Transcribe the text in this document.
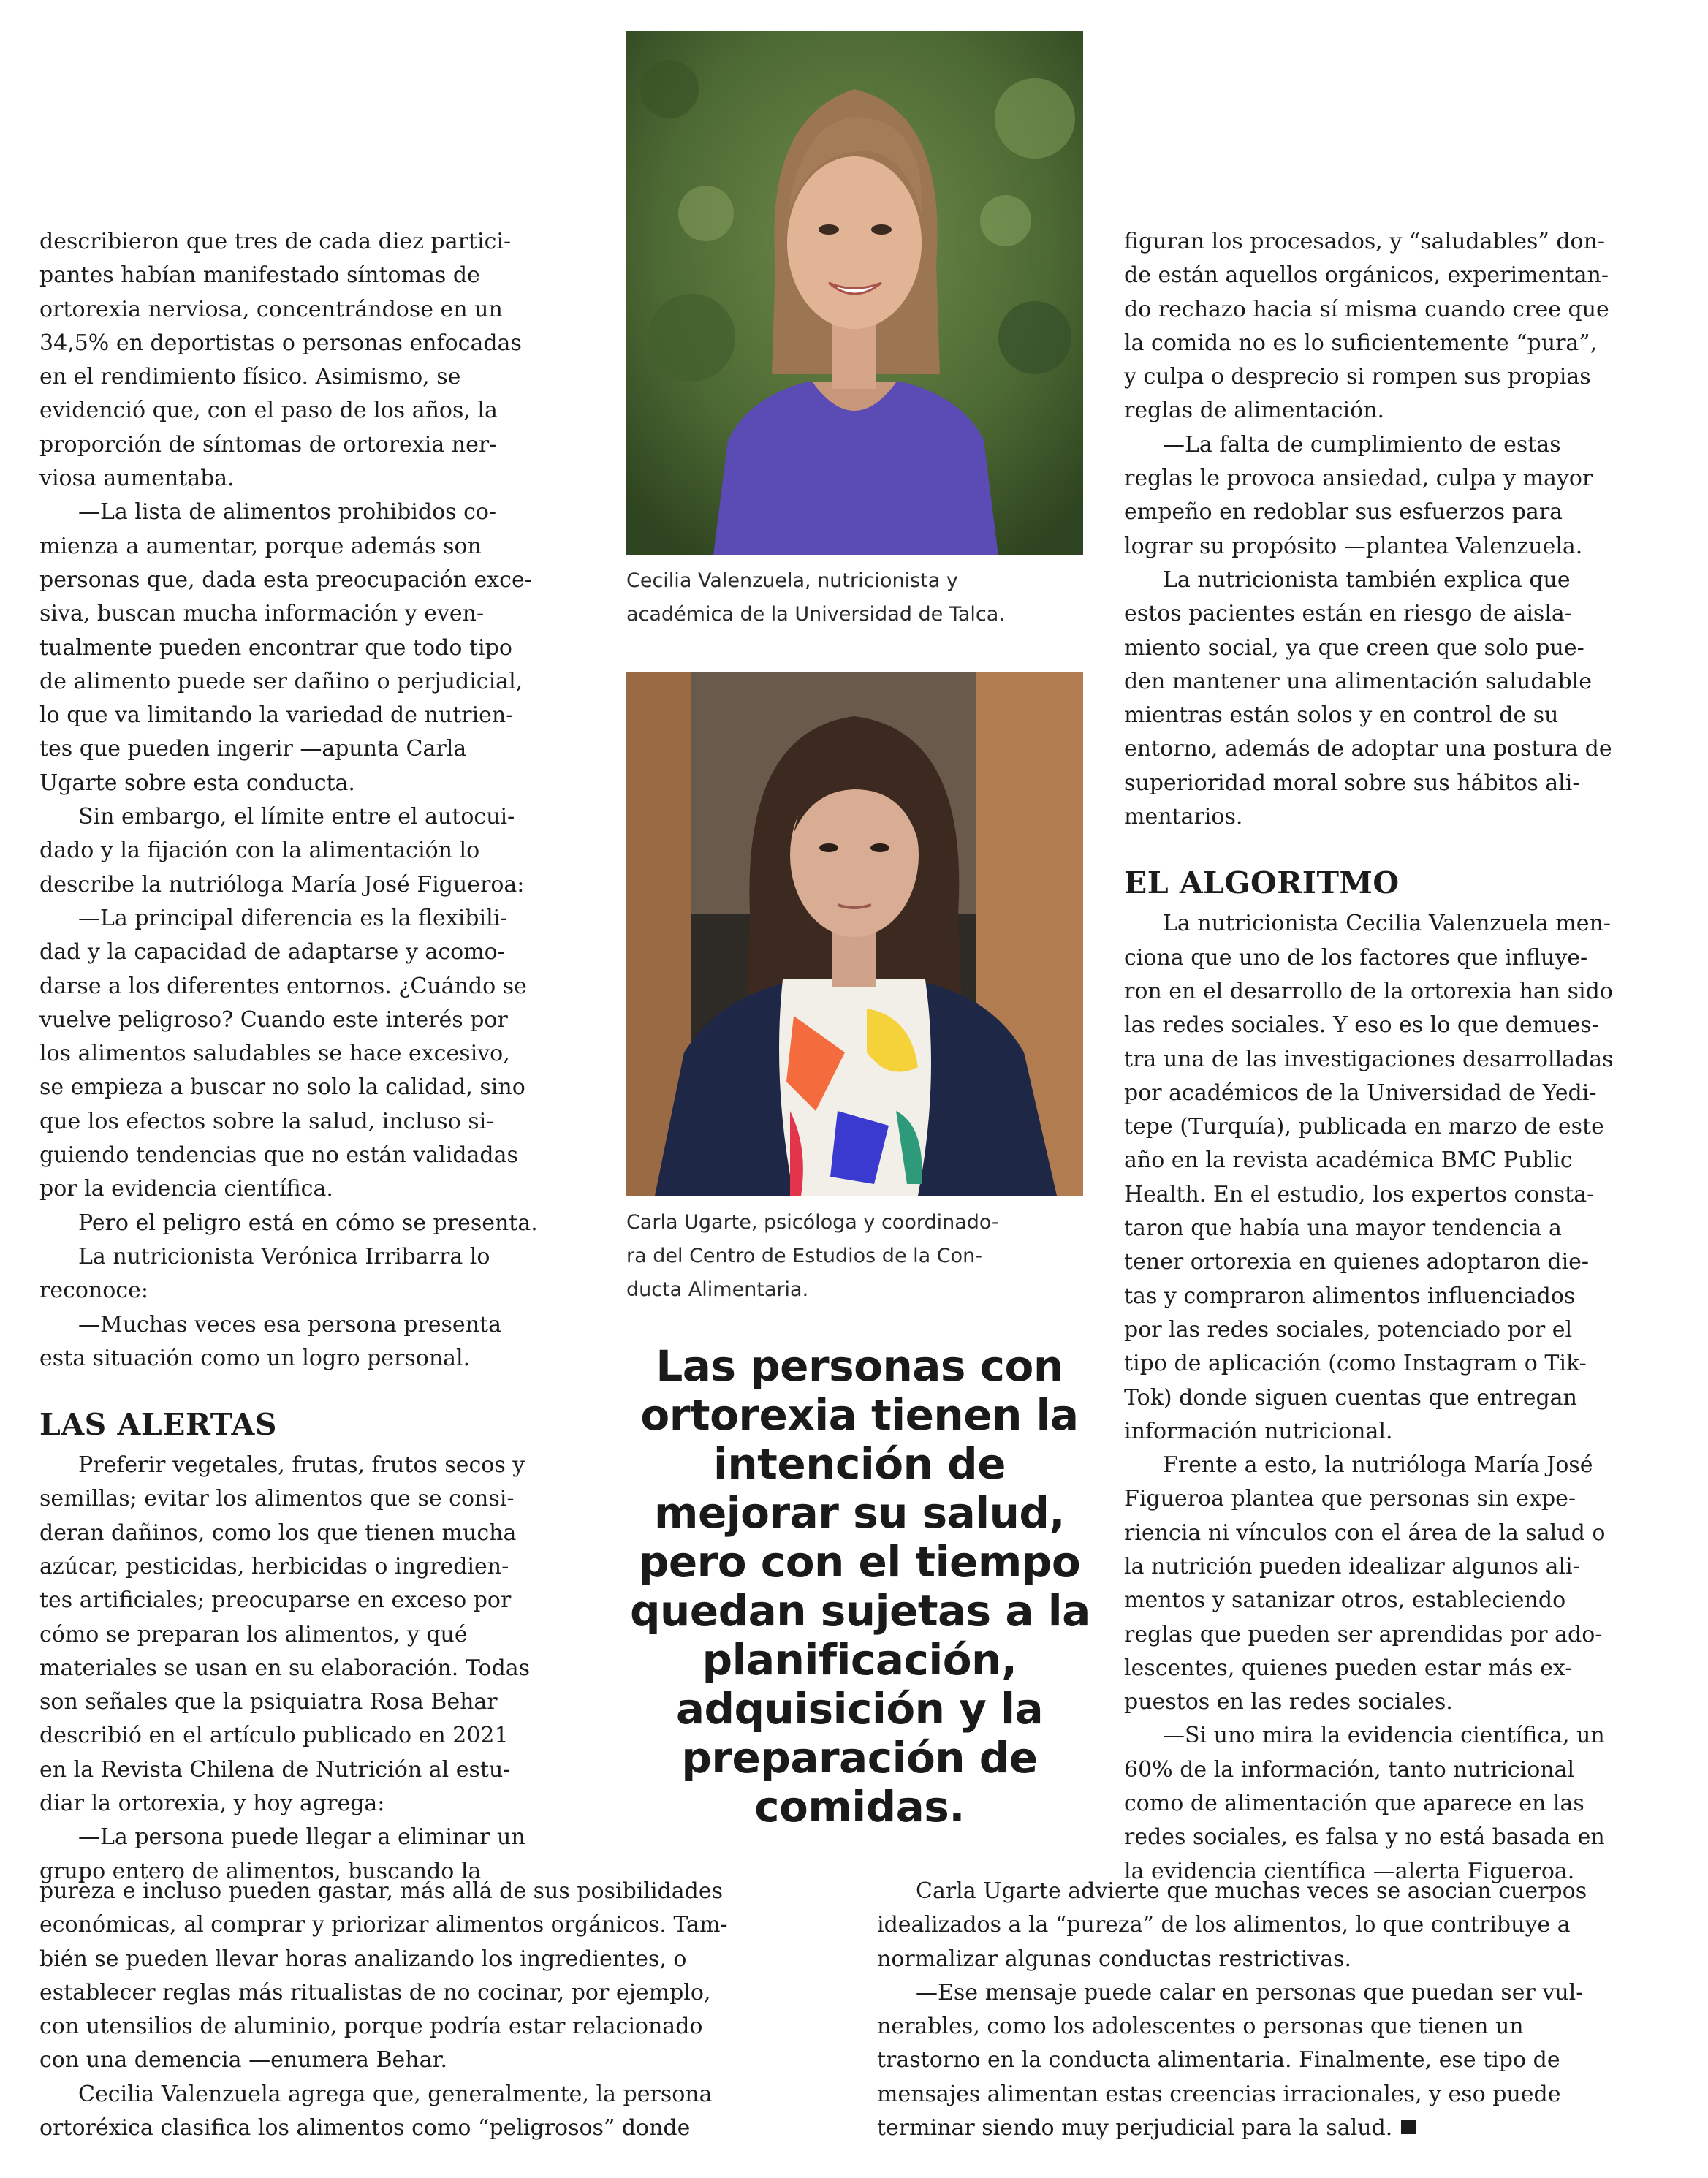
describieron que tres de cada diez partici-
pantes habían manifestado síntomas de
ortorexia nerviosa, concentrándose en un
34,5% en deportistas o personas enfocadas
en el rendimiento físico. Asimismo, se
evidenció que, con el paso de los años, la
proporción de síntomas de ortorexia ner-
viosa aumentaba.
—La lista de alimentos prohibidos co-
mienza a aumentar, porque además son
personas que, dada esta preocupación exce-
siva, buscan mucha información y even-
tualmente pueden encontrar que todo tipo
de alimento puede ser dañino o perjudicial,
lo que va limitando la variedad de nutrien-
tes que pueden ingerir —apunta Carla
Ugarte sobre esta conducta.
Sin embargo, el límite entre el autocui-
dado y la fijación con la alimentación lo
describe la nutrióloga María José Figueroa:
—La principal diferencia es la flexibili-
dad y la capacidad de adaptarse y acomo-
darse a los diferentes entornos. ¿Cuándo se
vuelve peligroso? Cuando este interés por
los alimentos saludables se hace excesivo,
se empieza a buscar no solo la calidad, sino
que los efectos sobre la salud, incluso si-
guiendo tendencias que no están validadas
por la evidencia científica.
Pero el peligro está en cómo se presenta.
La nutricionista Verónica Irribarra lo
reconoce:
—Muchas veces esa persona presenta
esta situación como un logro personal.
LAS ALERTAS
Preferir vegetales, frutas, frutos secos y
semillas; evitar los alimentos que se consi-
deran dañinos, como los que tienen mucha
azúcar, pesticidas, herbicidas o ingredien-
tes artificiales; preocuparse en exceso por
cómo se preparan los alimentos, y qué
materiales se usan en su elaboración. Todas
son señales que la psiquiatra Rosa Behar
describió en el artículo publicado en 2021
en la Revista Chilena de Nutrición al estu-
diar la ortorexia, y hoy agrega:
—La persona puede llegar a eliminar un
grupo entero de alimentos, buscando la
pureza e incluso pueden gastar, más allá de sus posibilidades
económicas, al comprar y priorizar alimentos orgánicos. Tam-
bién se pueden llevar horas analizando los ingredientes, o
establecer reglas más ritualistas de no cocinar, por ejemplo,
con utensilios de aluminio, porque podría estar relacionado
con una demencia —enumera Behar.
Cecilia Valenzuela agrega que, generalmente, la persona
ortoréxica clasifica los alimentos como “peligrosos” donde
Cecilia Valenzuela, nutricionista y
académica de la Universidad de Talca.
Carla Ugarte, psicóloga y coordinado-
ra del Centro de Estudios de la Con-
ducta Alimentaria.
Las personas con
ortorexia tienen la
intención de
mejorar su salud,
pero con el tiempo
quedan sujetas a la
planificación,
adquisición y la
preparación de
comidas.
figuran los procesados, y “saludables” don-
de están aquellos orgánicos, experimentan-
do rechazo hacia sí misma cuando cree que
la comida no es lo suficientemente “pura”,
y culpa o desprecio si rompen sus propias
reglas de alimentación.
—La falta de cumplimiento de estas
reglas le provoca ansiedad, culpa y mayor
empeño en redoblar sus esfuerzos para
lograr su propósito —plantea Valenzuela.
La nutricionista también explica que
estos pacientes están en riesgo de aisla-
miento social, ya que creen que solo pue-
den mantener una alimentación saludable
mientras están solos y en control de su
entorno, además de adoptar una postura de
superioridad moral sobre sus hábitos ali-
mentarios.
EL ALGORITMO
La nutricionista Cecilia Valenzuela men-
ciona que uno de los factores que influye-
ron en el desarrollo de la ortorexia han sido
las redes sociales. Y eso es lo que demues-
tra una de las investigaciones desarrolladas
por académicos de la Universidad de Yedi-
tepe (Turquía), publicada en marzo de este
año en la revista académica BMC Public
Health. En el estudio, los expertos consta-
taron que había una mayor tendencia a
tener ortorexia en quienes adoptaron die-
tas y compraron alimentos influenciados
por las redes sociales, potenciado por el
tipo de aplicación (como Instagram o Tik-
Tok) donde siguen cuentas que entregan
información nutricional.
Frente a esto, la nutrióloga María José
Figueroa plantea que personas sin expe-
riencia ni vínculos con el área de la salud o
la nutrición pueden idealizar algunos ali-
mentos y satanizar otros, estableciendo
reglas que pueden ser aprendidas por ado-
lescentes, quienes pueden estar más ex-
puestos en las redes sociales.
—Si uno mira la evidencia científica, un
60% de la información, tanto nutricional
como de alimentación que aparece en las
redes sociales, es falsa y no está basada en
la evidencia científica —alerta Figueroa.
Carla Ugarte advierte que muchas veces se asocian cuerpos
idealizados a la “pureza” de los alimentos, lo que contribuye a
normalizar algunas conductas restrictivas.
—Ese mensaje puede calar en personas que puedan ser vul-
nerables, como los adolescentes o personas que tienen un
trastorno en la conducta alimentaria. Finalmente, ese tipo de
mensajes alimentan estas creencias irracionales, y eso puede
terminar siendo muy perjudicial para la salud.
